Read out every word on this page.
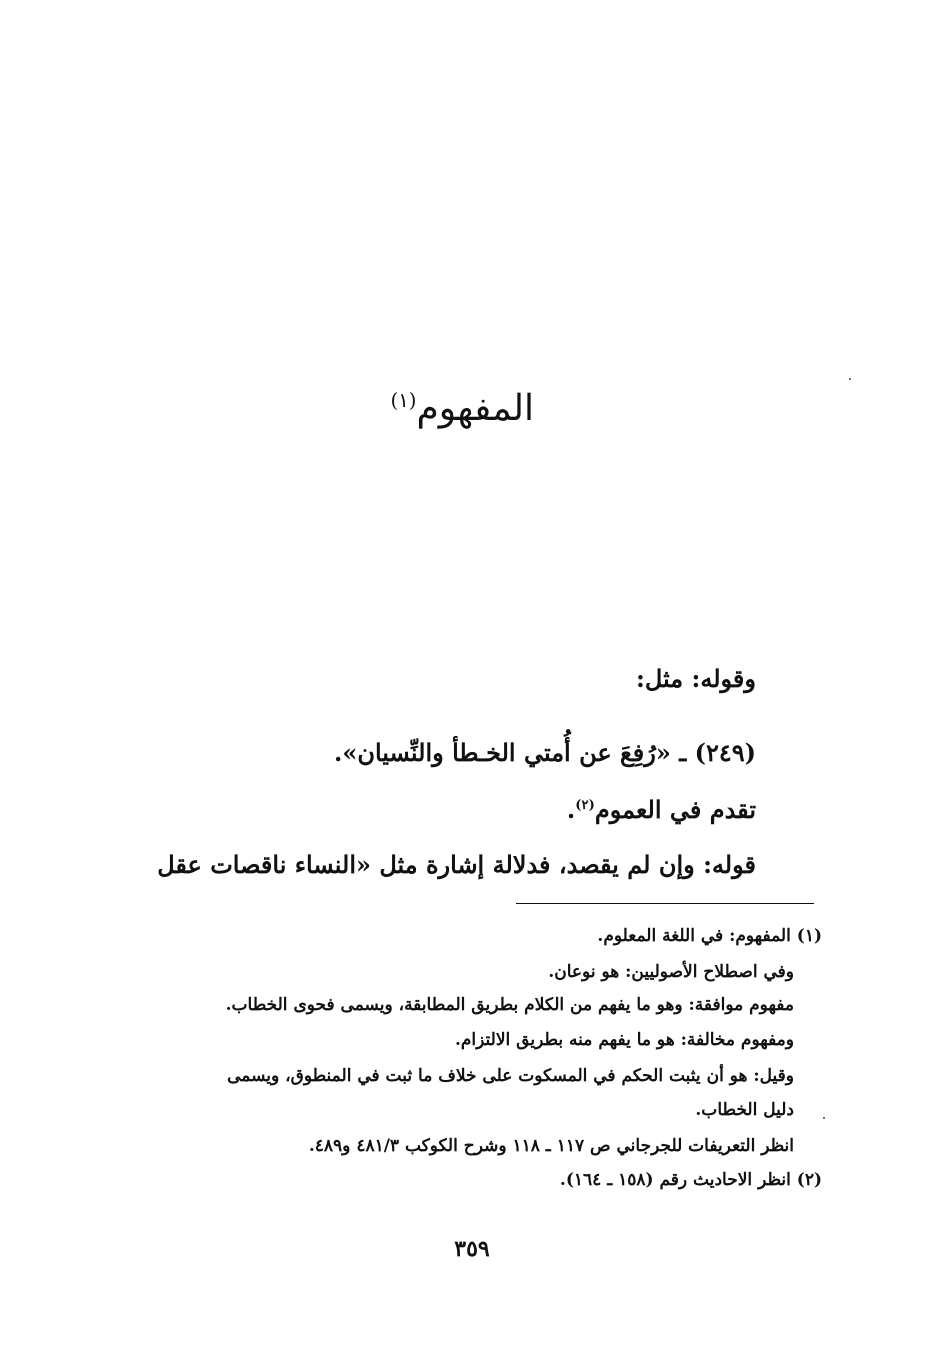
المفهوم$^{(١)}$
وقوله: مثل:
(٢٤٩) ـ «رُفِعَ عن أُمتي الخـطأ والنِّسيان».
تقدم في العموم$^{(٢)}$.
قوله: وإن لم يقصد، فدلالة إشارة مثل «النساء ناقصات عقل
(١) المفهوم: في اللغة المعلوم.
وفي اصطلاح الأصوليين: هو نوعان.
مفهوم موافقة: وهو ما يفهم من الكلام بطريق المطابقة، ويسمى فحوى الخطاب.
ومفهوم مخالفة: هو ما يفهم منه بطريق الالتزام.
وقيل: هو أن يثبت الحكم في المسكوت على خلاف ما ثبت في المنطوق، ويسمى
دليل الخطاب.
انظر التعريفات للجرجاني ص ١١٧ ـ ١١٨ وشرح الكوكب ٤٨١/٣ و٤٨٩.
(٢) انظر الاحاديث رقم (١٥٨ ـ ١٦٤).
٣٥٩
